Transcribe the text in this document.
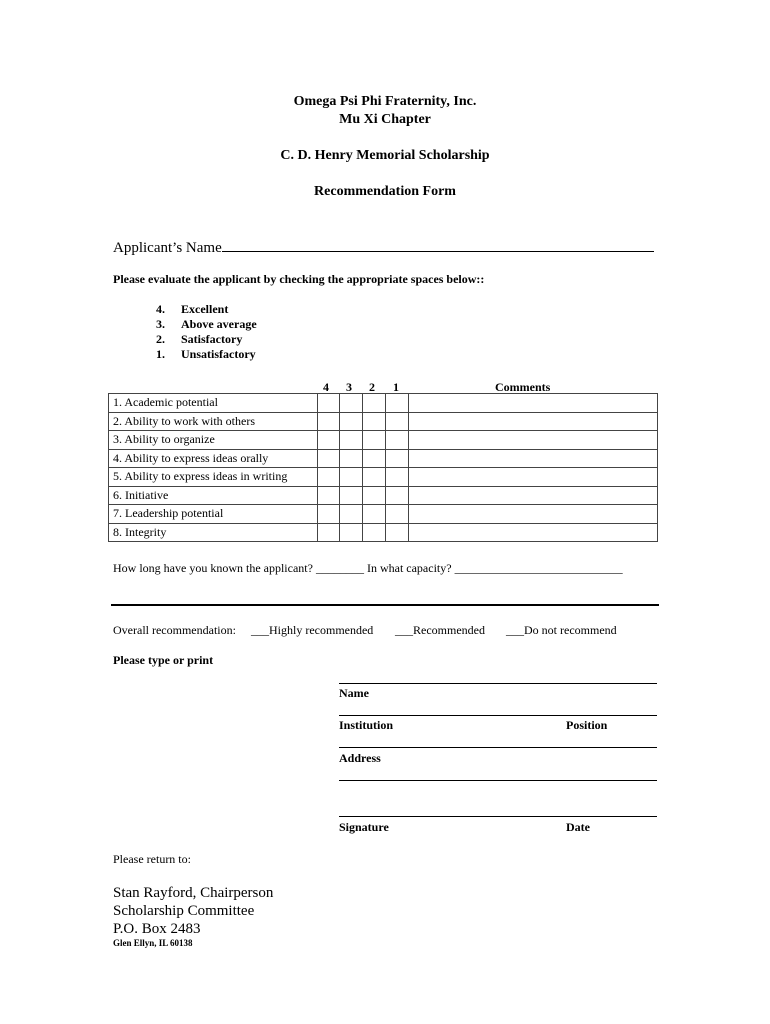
Omega Psi Phi Fraternity, Inc.
Mu Xi Chapter
C. D. Henry Memorial Scholarship
Recommendation Form
Applicant’s Name
Please evaluate the applicant by checking the appropriate spaces below::
4. Excellent
3. Above average
2. Satisfactory
1. Unsatisfactory
4 3 2 1	Comments
1. Academic potential					
2. Ability to work with others					
3. Ability to organize					
4. Ability to express ideas orally					
5. Ability to express ideas in writing					
6. Initiative					
7. Leadership potential					
8. Integrity					
How long have you known the applicant? ________ In what capacity? ____________________________
Overall recommendation: ___Highly recommended ___Recommended ___Do not recommend
Please type or print
Name
Institution	Position
Address
Signature	Date
Please return to:
Stan Rayford, Chairperson
Scholarship Committee
P.O. Box 2483
Glen Ellyn, IL 60138
